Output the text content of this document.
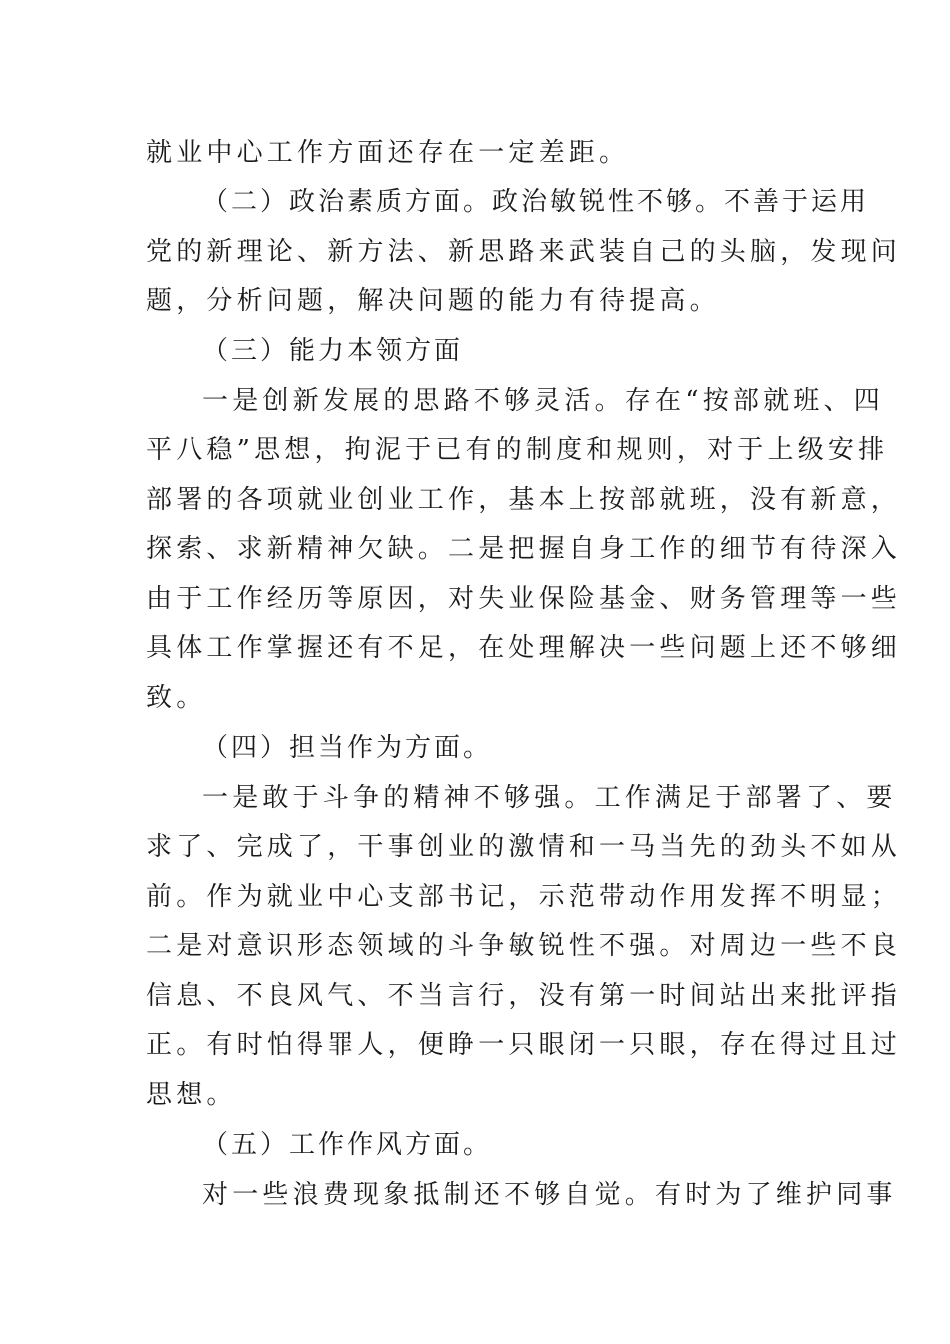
就业中心工作方面还存在一定差距。
（二）政治素质方面。政治敏锐性不够。不善于运用
党的新理论、新方法、新思路来武装自己的头脑，发现问
题，分析问题，解决问题的能力有待提高。
（三）能力本领方面
一是创新发展的思路不够灵活。存在“按部就班、四
平八稳”思想，拘泥于已有的制度和规则，对于上级安排
部署的各项就业创业工作，基本上按部就班，没有新意，
探索、求新精神欠缺。二是把握自身工作的细节有待深入
由于工作经历等原因，对失业保险基金、财务管理等一些
具体工作掌握还有不足，在处理解决一些问题上还不够细
致。
（四）担当作为方面。
一是敢于斗争的精神不够强。工作满足于部署了、要
求了、完成了，干事创业的激情和一马当先的劲头不如从
前。作为就业中心支部书记，示范带动作用发挥不明显；
二是对意识形态领域的斗争敏锐性不强。对周边一些不良
信息、不良风气、不当言行，没有第一时间站出来批评指
正。有时怕得罪人，便睁一只眼闭一只眼，存在得过且过
思想。
（五）工作作风方面。
对一些浪费现象抵制还不够自觉。有时为了维护同事
